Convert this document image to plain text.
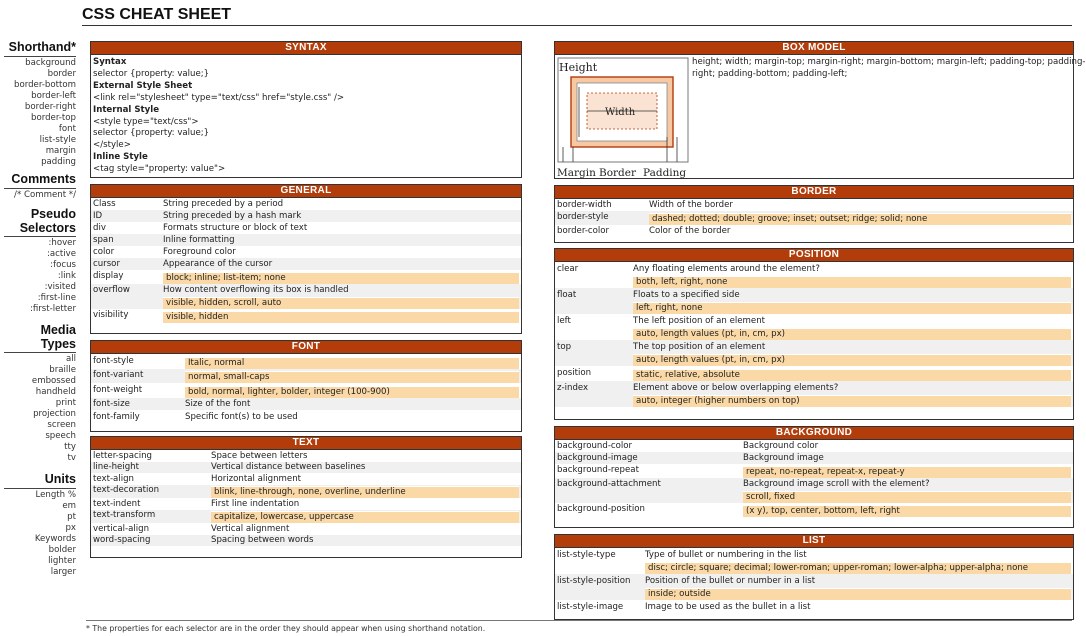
CSS CHEAT SHEET
Shorthand*
background
border
border-bottom
border-left
border-right
border-top
font
list-style
margin
padding
Comments
/* Comment */
Pseudo Selectors
:hover
:active
:focus
:link
:visited
:first-line
:first-letter
Media Types
all
braille
embossed
handheld
print
projection
screen
speech
tty
tv
Units
Length %
em
pt
px
Keywords
bolder
lighter
larger
SYNTAX
Syntax
selector {property: value;}
External Style Sheet
<link rel="stylesheet" type="text/css" href="style.css" />
Internal Style
<style type="text/css">
selector {property: value;}
</style>
Inline Style
<tag style="property: value">
GENERAL
Class	String preceded by a period
ID	String preceded by a hash mark
div	Formats structure or block of text
span	Inline formatting
color	Foreground color
cursor	Appearance of the cursor
display	block; inline; list-item; none

overflow	How content overflowing its box is handled
visible, hidden, scroll, auto

visibility	visible, hidden
FONT
font-style	Italic, normal

font-variant	normal, small-caps

font-weight	bold, normal, lighter, bolder, integer (100-900)

font-size	Size of the font
font-family	Specific font(s) to be used
TEXT
letter-spacing	Space between letters
line-height	Vertical distance between baselines
text-align	Horizontal alignment
text-decoration	blink, line-through, none, overline, underline

text-indent	First line indentation
text-transform	capitalize, lowercase, uppercase

vertical-align	Vertical alignment
word-spacing	Spacing between words
BOX MODEL
Height
Width
Margin Border Padding
height; width; margin-top; margin-right; margin-bottom; margin-left; padding-top; padding-right; padding-bottom; padding-left;
BORDER
border-width	Width of the border
border-style	dashed; dotted; double; groove; inset; outset; ridge; solid; none

border-color	Color of the border
POSITION
clear	Any floating elements around the element?
both, left, right, none

float	Floats to a specified side
left, right, none

left	The left position of an element
auto, length values (pt, in, cm, px)

top	The top position of an element
auto, length values (pt, in, cm, px)

position	static, relative, absolute

z-index	Element above or below overlapping elements?
auto, integer (higher numbers on top)
BACKGROUND
background-color	Background color
background-image	Background image
background-repeat	repeat, no-repeat, repeat-x, repeat-y

background-attachment	Background image scroll with the element?
scroll, fixed

background-position	(x y), top, center, bottom, left, right
LIST
list-style-type	Type of bullet or numbering in the list
disc; circle; square; decimal; lower-roman; upper-roman; lower-alpha; upper-alpha; none

list-style-position	Position of the bullet or number in a list
inside; outside

list-style-image	Image to be used as the bullet in a list
* The properties for each selector are in the order they should appear when using shorthand notation.
